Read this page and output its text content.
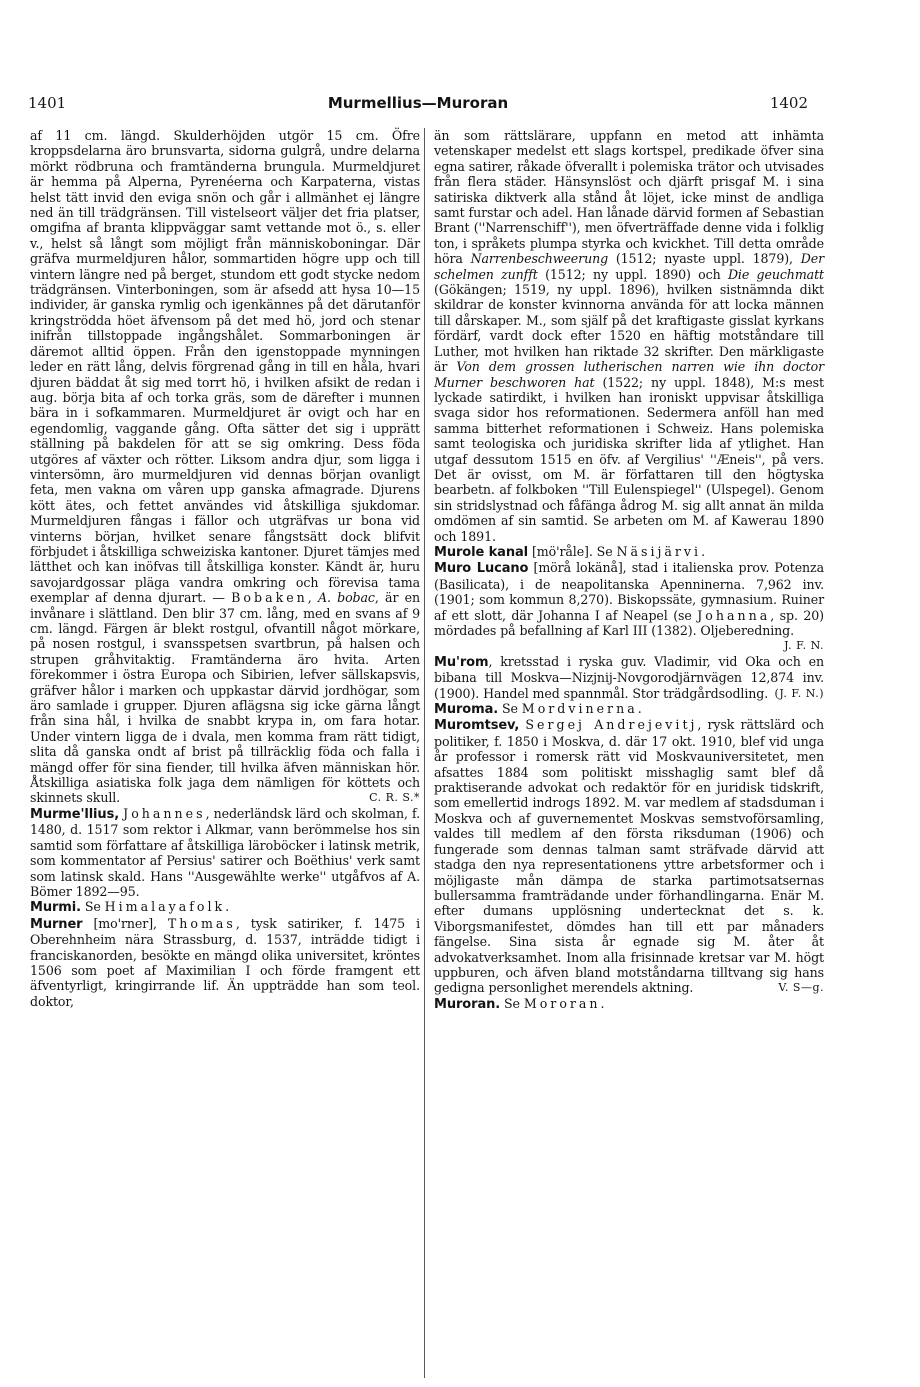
1401	Murmellius—Muroran	1402

af 11 cm. längd. Skulderhöjden utgör 15 cm. Öfre kroppsdelarna äro brunsvarta, sidorna gulgrå, undre delarna mörkt rödbruna och framtänderna brungula. Murmeldjuret är hemma på Alperna, Pyrenéerna och Karpaterna, vistas helst tätt invid den eviga snön och går i allmänhet ej längre ned än till trädgränsen. Till vistelseort väljer det fria platser, omgifna af branta klippväggar samt vettande mot ö., s. eller v., helst så långt som möjligt från människoboningar. Där gräfva murmeldjuren hålor, sommartiden högre upp och till vintern längre ned på berget, stundom ett godt stycke nedom trädgränsen. Vinterboningen, som är afsedd att hysa 10—15 individer, är ganska rymlig och igenkännes på det därutanför kringströdda höet äfvensom på det med hö, jord och stenar inifrån tillstoppade ingångshålet. Sommarboningen är däremot alltid öppen. Från den igenstoppade mynningen leder en rätt lång, delvis förgrenad gång in till en håla, hvari djuren bäddat åt sig med torrt hö, i hvilken afsikt de redan i aug. börja bita af och torka gräs, som de därefter i munnen bära in i sofkammaren. Murmeldjuret är ovigt och har en egendomlig, vaggande gång. Ofta sätter det sig i upprätt ställning på bakdelen för att se sig omkring. Dess föda utgöres af växter och rötter. Liksom andra djur, som ligga i vintersömn, äro murmeldjuren vid dennas början ovanligt feta, men vakna om våren upp ganska afmagrade. Djurens kött ätes, och fettet användes vid åtskilliga sjukdomar. Murmeldjuren fångas i fällor och utgräfvas ur bona vid vinterns början, hvilket senare fångstsätt dock blifvit förbjudet i åtskilliga schweiziska kantoner. Djuret tämjes med lätthet och kan inöfvas till åtskilliga konster. Kändt är, huru savojardgossar pläga vandra omkring och förevisa tama exemplar af denna djurart. — Bobaken, A. bobac, är en invånare i slättland. Den blir 37 cm. lång, med en svans af 9 cm. längd. Färgen är blekt rostgul, ofvantill något mörkare, på nosen rostgul, i svansspetsen svartbrun, på halsen och strupen gråhvitaktig. Framtänderna äro hvita. Arten förekommer i östra Europa och Sibirien, lefver sällskapsvis, gräfver hålor i marken och uppkastar därvid jordhögar, som äro samlade i grupper. Djuren aflägsna sig icke gärna långt från sina hål, i hvilka de snabbt krypa in, om fara hotar. Under vintern ligga de i dvala, men komma fram rätt tidigt, slita då ganska ondt af brist på tillräcklig föda och falla i mängd offer för sina fiender, till hvilka äfven människan hör. Åtskilliga asiatiska folk jaga dem nämligen för köttets och skinnets skull.	C. R. S.*

Murme'llius, Johannes, nederländsk lärd och skolman, f. 1480, d. 1517 som rektor i Alkmar, vann berömmelse hos sin samtid som författare af åtskilliga läroböcker i latinsk metrik, som kommentator af Persius' satirer och Boëthius' verk samt som latinsk skald. Hans ''Ausgewählte werke'' utgåfvos af A. Bömer 1892—95.

Murmi. Se Himalayafolk.

Murner [mo'rner], Thomas, tysk satiriker, f. 1475 i Oberehnheim nära Strassburg, d. 1537, inträdde tidigt i franciskanorden, besökte en mängd olika universitet, kröntes 1506 som poet af Maximilian I och förde framgent ett äfventyrligt, kringirrande lif. Än uppträdde han som teol. doktor,

än som rättslärare, uppfann en metod att inhämta vetenskaper medelst ett slags kortspel, predikade öfver sina egna satirer, råkade öfverallt i polemiska trätor och utvisades från flera städer. Hänsynslöst och djärft prisgaf M. i sina satiriska diktverk alla stånd åt löjet, icke minst de andliga samt furstar och adel. Han lånade därvid formen af Sebastian Brant (''Narrenschiff''), men öfverträffade denne vida i folklig ton, i språkets plumpa styrka och kvickhet. Till detta område höra Narrenbeschweerung (1512; nyaste uppl. 1879), Der schelmen zunfft (1512; ny uppl. 1890) och Die geuchmatt (Gökängen; 1519, ny uppl. 1896), hvilken sistnämnda dikt skildrar de konster kvinnorna använda för att locka männen till dårskaper. M., som själf på det kraftigaste gisslat kyrkans fördärf, vardt dock efter 1520 en häftig motståndare till Luther, mot hvilken han riktade 32 skrifter. Den märkligaste är Von dem grossen lutherischen narren wie ihn doctor Murner beschworen hat (1522; ny uppl. 1848), M:s mest lyckade satirdikt, i hvilken han ironiskt uppvisar åtskilliga svaga sidor hos reformationen. Sedermera anföll han med samma bitterhet reformationen i Schweiz. Hans polemiska samt teologiska och juridiska skrifter lida af ytlighet. Han utgaf dessutom 1515 en öfv. af Vergilius' ''Æneis'', på vers. Det är ovisst, om M. är författaren till den högtyska bearbetn. af folkboken ''Till Eulenspiegel'' (Ulspegel). Genom sin stridslystnad och fåfänga ådrog M. sig allt annat än milda omdömen af sin samtid. Se arbeten om M. af Kawerau 1890 och 1891.

Murole kanal [mö'råle]. Se Näsijärvi.

Muro Lucano [mörå lokänå], stad i italienska prov. Potenza (Basilicata), i de neapolitanska Apenninerna. 7,962 inv. (1901; som kommun 8,270). Biskopssäte, gymnasium. Ruiner af ett slott, där Johanna I af Neapel (se Johanna, sp. 20) mördades på befallning af Karl III (1382). Oljeberedning.
J. F. N.

Mu'rom, kretsstad i ryska guv. Vladimir, vid Oka och en bibana till Moskva—Nizjnij-Novgorodjärnvägen 12,874 inv. (1900). Handel med spannmål. Stor trädgårdsodling. (J. F. N.)

Muroma. Se Mordvinerna.

Muromtsev, Sergej Andrejevitj, rysk rättslärd och politiker, f. 1850 i Moskva, d. där 17 okt. 1910, blef vid unga år professor i romersk rätt vid Moskvauniversitetet, men afsattes 1884 som politiskt misshaglig samt blef då praktiserande advokat och redaktör för en juridisk tidskrift, som emellertid indrogs 1892. M. var medlem af stadsduman i Moskva och af guvernementet Moskvas semstvoförsamling, valdes till medlem af den första riksduman (1906) och fungerade som dennas talman samt sträfvade därvid att stadga den nya representationens yttre arbetsformer och i möjligaste mån dämpa de starka partimotsatsernas bullersamma framträdande under förhandlingarna. Enär M. efter dumans upplösning undertecknat det s. k. Viborgsmanifestet, dömdes han till ett par månaders fängelse. Sina sista år egnade sig M. åter åt advokatverksamhet. Inom alla frisinnade kretsar var M. högt uppburen, och äfven bland motståndarna tilltvang sig hans gedigna personlighet merendels aktning.	V. S—g.

Muroran. Se Mororan.
